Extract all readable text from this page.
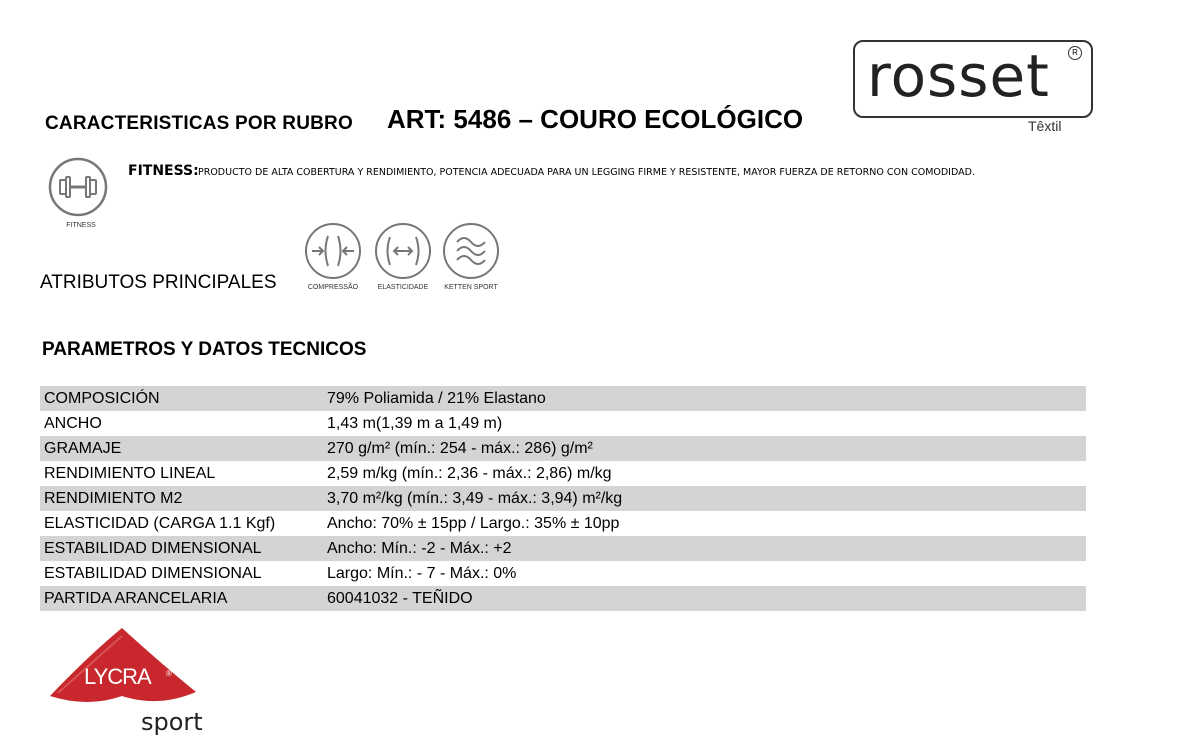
CARACTERISTICAS POR RUBRO ART: 5486 – COURO ECOLÓGICO
rosset	R
Têxtil
FITNESS
FITNESS: PRODUCTO DE ALTA COBERTURA Y RENDIMIENTO, POTENCIA ADECUADA PARA UN LEGGING FIRME Y RESISTENTE, MAYOR FUERZA DE RETORNO CON COMODIDAD.
ATRIBUTOS PRINCIPALES	COMPRESSÃO	ELASTICIDADE	KETTEN SPORT
PARAMETROS Y DATOS TECNICOS
COMPOSICIÓN	79% Poliamida / 21% Elastano
ANCHO	1,43 m(1,39 m a 1,49 m)
GRAMAJE	270 g/m² (mín.: 254 - máx.: 286) g/m²
RENDIMIENTO LINEAL	2,59 m/kg (mín.: 2,36 - máx.: 2,86) m/kg
RENDIMIENTO M2	3,70 m²/kg (mín.: 3,49 - máx.: 3,94) m²/kg
ELASTICIDAD (CARGA 1.1 Kgf)	Ancho: 70% ± 15pp / Largo.: 35% ± 10pp
ESTABILIDAD DIMENSIONAL	Ancho: Mín.: -2 - Máx.: +2
ESTABILIDAD DIMENSIONAL	Largo: Mín.: - 7 - Máx.: 0%
PARTIDA ARANCELARIA	60041032 - TEÑIDO
LYCRA ®
sport
